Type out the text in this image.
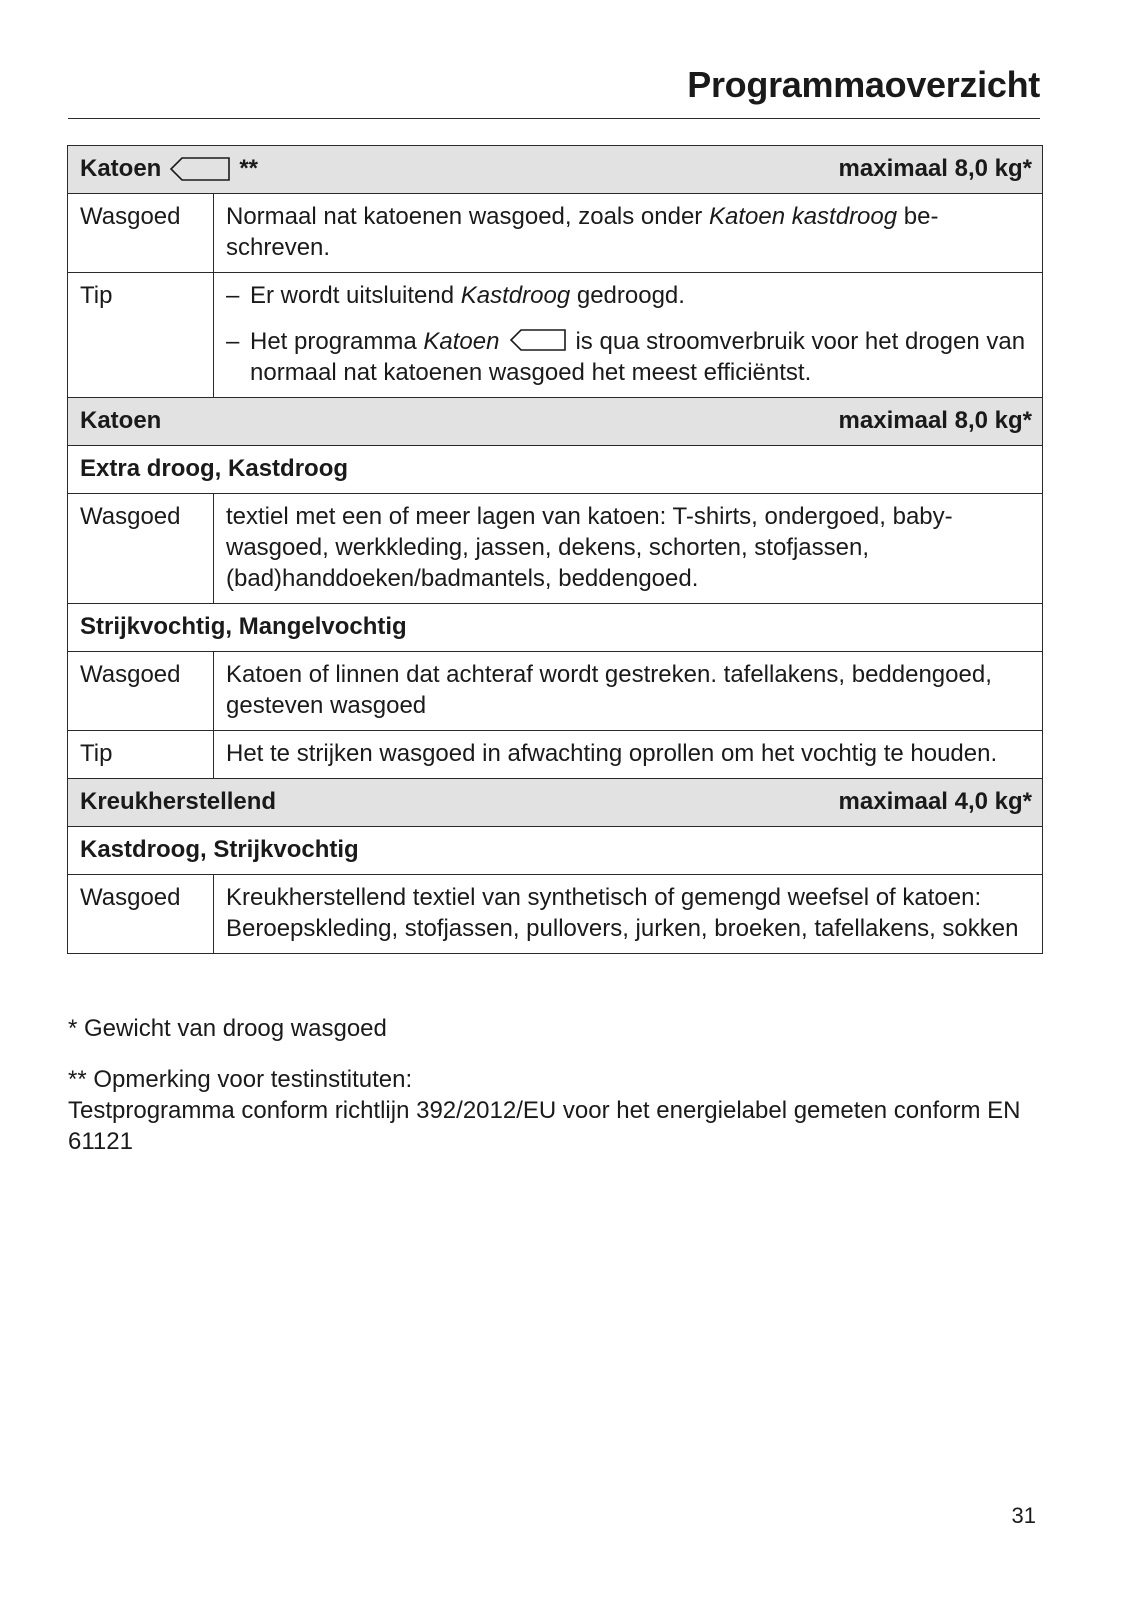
Programmaoverzicht
Katoen ** maximaal 8,0 kg*	

Wasgoed	Normaal nat katoenen wasgoed, zoals onder Katoen kastdroog beschreven.
Tip	– Er wordt uitsluitend Kastdroog gedroogd.
– Het programma Katoen is qua stroomverbruik voor het drogen van normaal nat katoenen wasgoed het meest efficiëntst.

Katoen maximaal 8,0 kg*	

Extra droog, Kastdroog	
Wasgoed	textiel met een of meer lagen van katoen: T-shirts, ondergoed, babywasgoed, werkkleding, jassen, dekens, schorten, stofjassen, (bad)handdoeken/badmantels, beddengoed.
Strijkvochtig, Mangelvochtig	
Wasgoed	Katoen of linnen dat achteraf wordt gestreken. tafellakens, beddengoed, gesteven wasgoed
Tip	Het te strijken wasgoed in afwachting oprollen om het vochtig te houden.

Kreukherstellend maximaal 4,0 kg*	

Kastdroog, Strijkvochtig	
Wasgoed	Kreukherstellend textiel van synthetisch of gemengd weefsel of katoen: Beroepskleding, stofjassen, pullovers, jurken, broeken, tafellakens, sokken

* Gewicht van droog wasgoed

** Opmerking voor testinstituten:

Testprogramma conform richtlijn 392/2012/EU voor het energielabel gemeten conform EN 61121

31
